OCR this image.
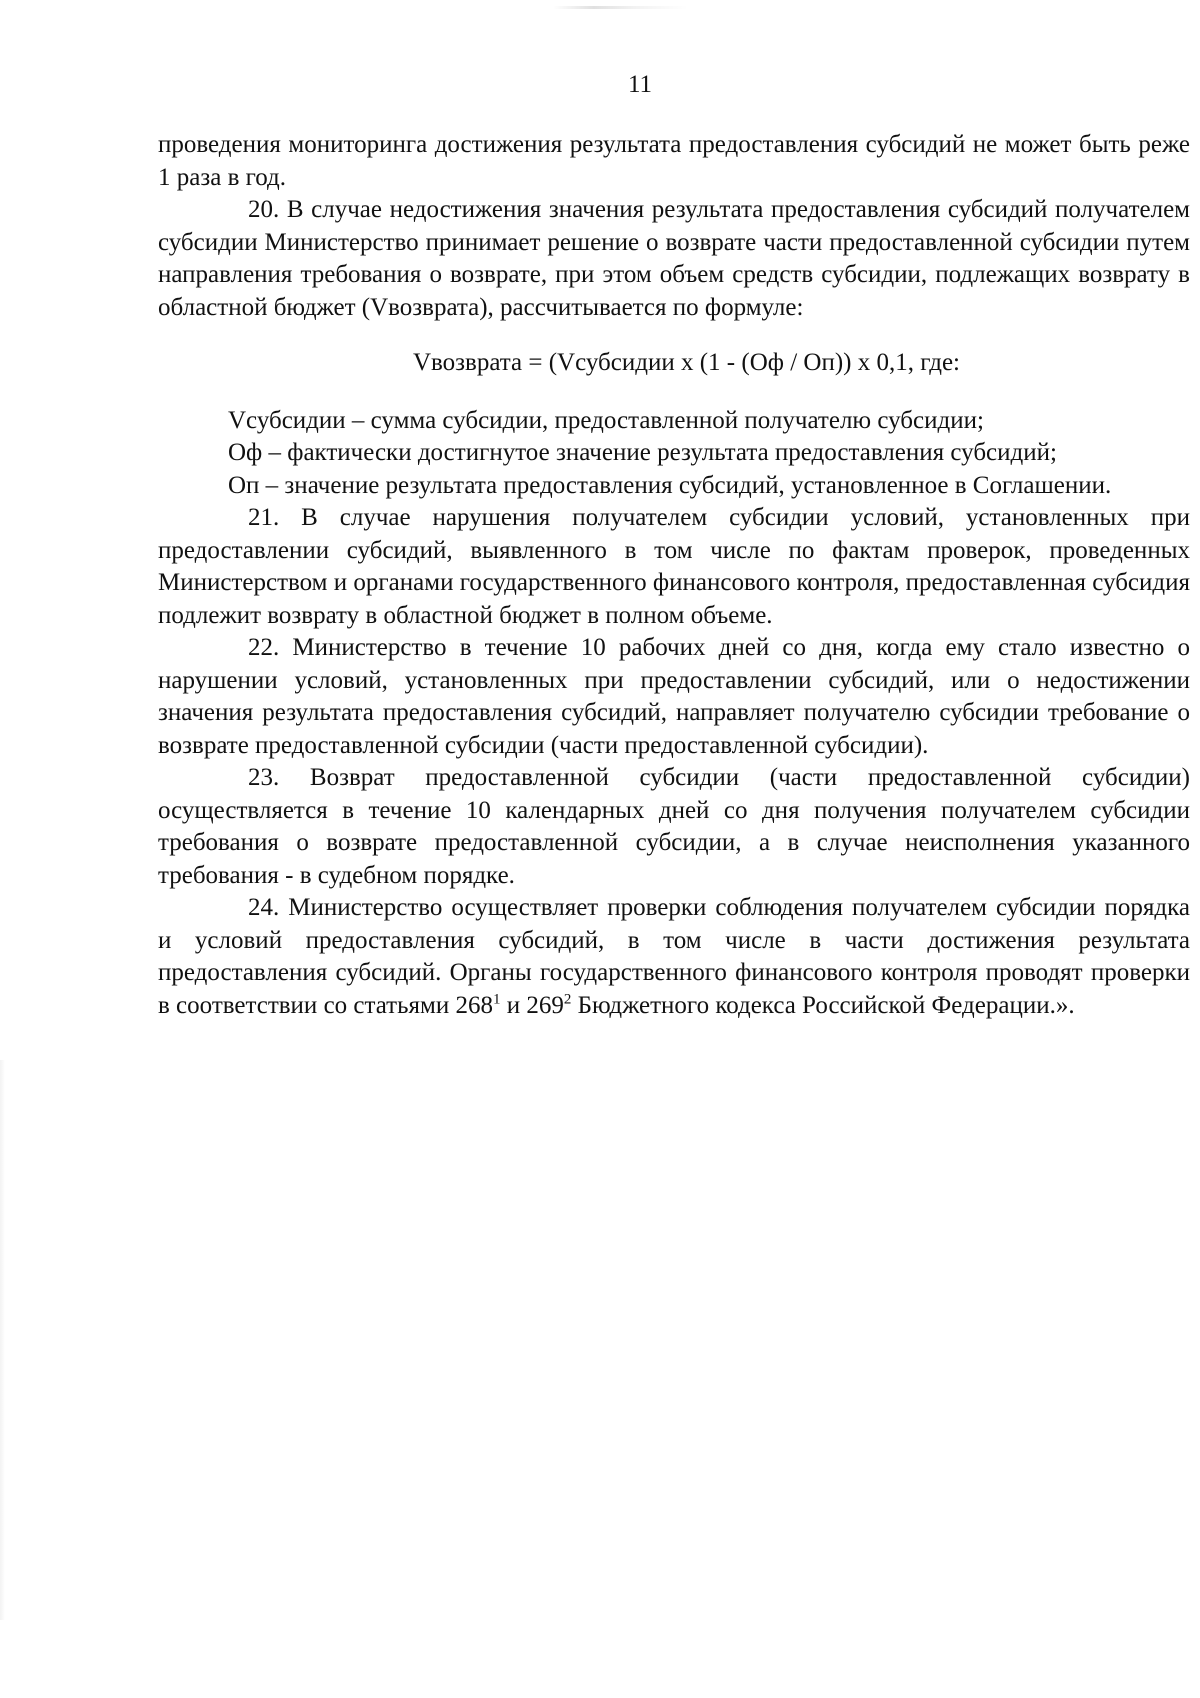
11

проведения мониторинга достижения результата предоставления субсидий не может быть реже 1 раза в год.

20. В случае недостижения значения результата предоставления субсидий получателем субсидии Министерство принимает решение о возврате части предоставленной субсидии путем направления требования о возврате, при этом объем средств субсидии, подлежащих возврату в областной бюджет (Vвозврата), рассчитывается по формуле:

Vвозврата = (Vсубсидии x (1 - (Оф / Оп)) x 0,1, где:

Vсубсидии – сумма субсидии, предоставленной получателю субсидии;

Оф – фактически достигнутое значение результата предоставления субсидий;

Оп – значение результата предоставления субсидий, установленное в Соглашении.

21. В случае нарушения получателем субсидии условий, установленных при предоставлении субсидий, выявленного в том числе по фактам проверок, проведенных Министерством и органами государственного финансового контроля, предоставленная субсидия подлежит возврату в областной бюджет в полном объеме.

22. Министерство в течение 10 рабочих дней со дня, когда ему стало известно о нарушении условий, установленных при предоставлении субсидий, или о недостижении значения результата предоставления субсидий, направляет получателю субсидии требование о возврате предоставленной субсидии (части предоставленной субсидии).

23. Возврат предоставленной субсидии (части предоставленной субсидии) осуществляется в течение 10 календарных дней со дня получения получателем субсидии требования о возврате предоставленной субсидии, а в случае неисполнения указанного требования - в судебном порядке.

24. Министерство осуществляет проверки соблюдения получателем субсидии порядка и условий предоставления субсидий, в том числе в части достижения результата предоставления субсидий. Органы государственного финансового контроля проводят проверки в соответствии со статьями $268^1$ и $269^2$ Бюджетного кодекса Российской Федерации.».
